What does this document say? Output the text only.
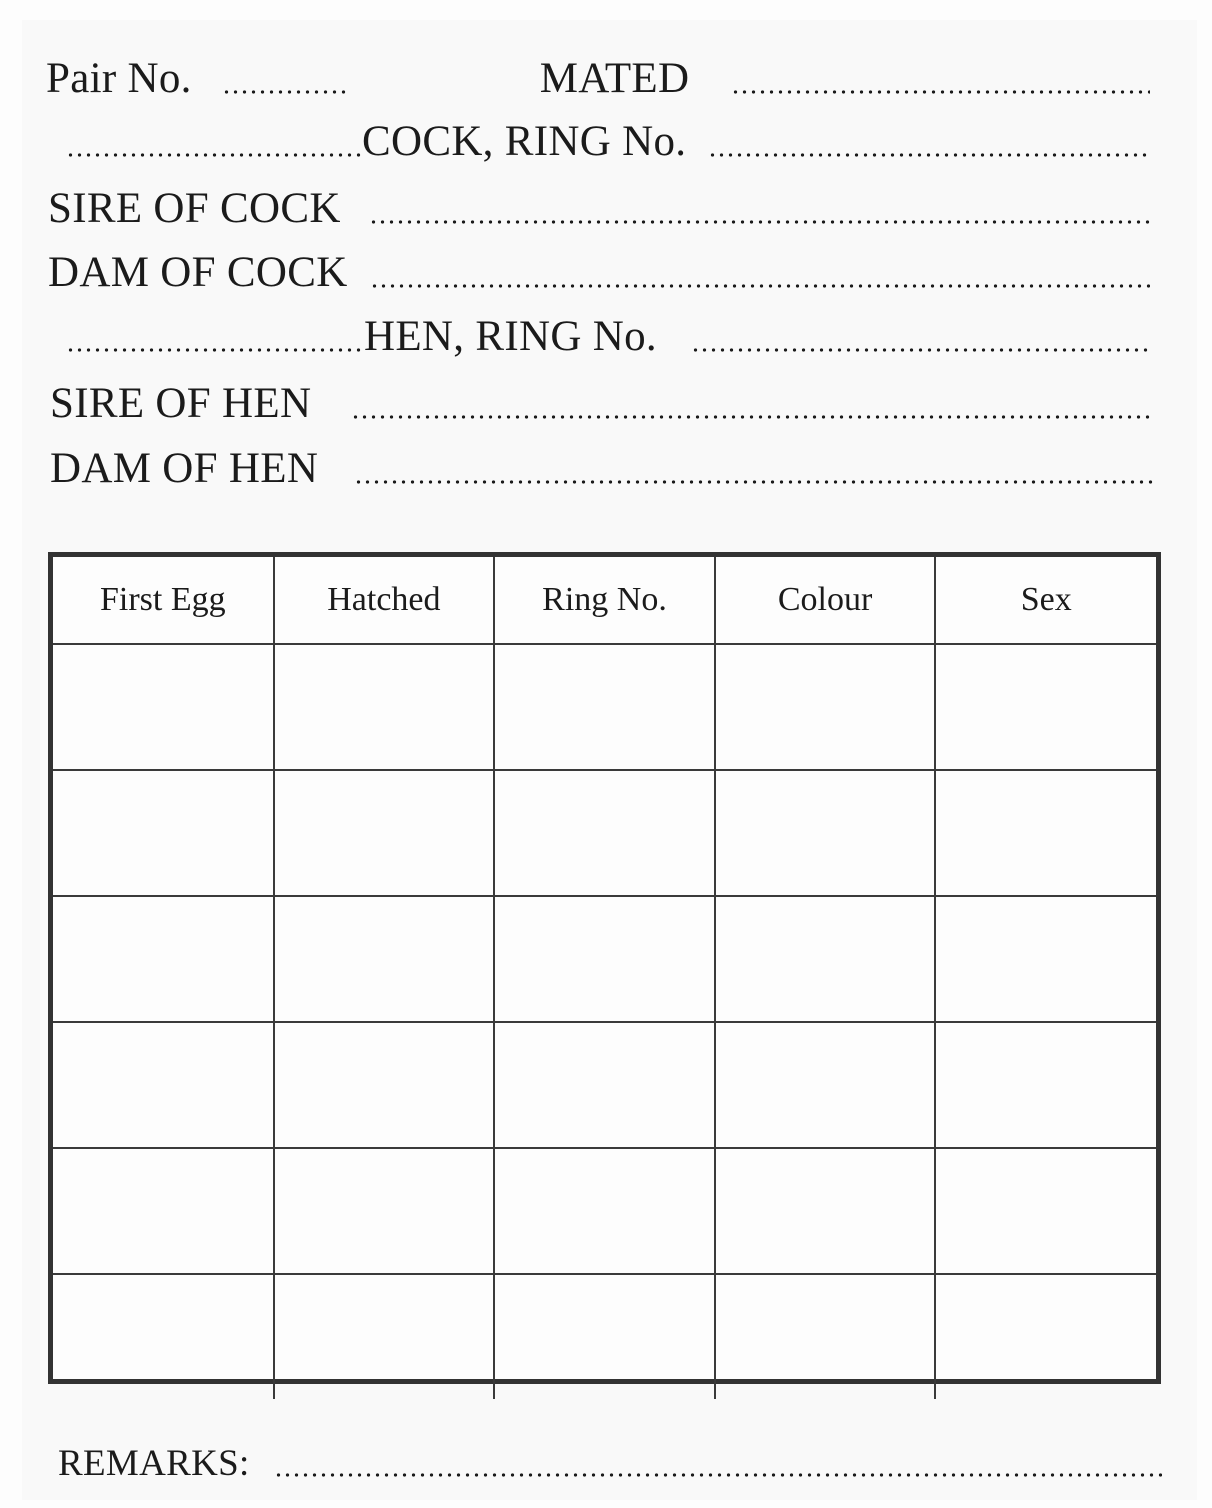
Pair No.	MATED
COCK, RING No.
SIRE OF COCK
DAM OF COCK
HEN, RING No.
SIRE OF HEN
DAM OF HEN
First Egg	Hatched	Ring No.	Colour	Sex

REMARKS:
